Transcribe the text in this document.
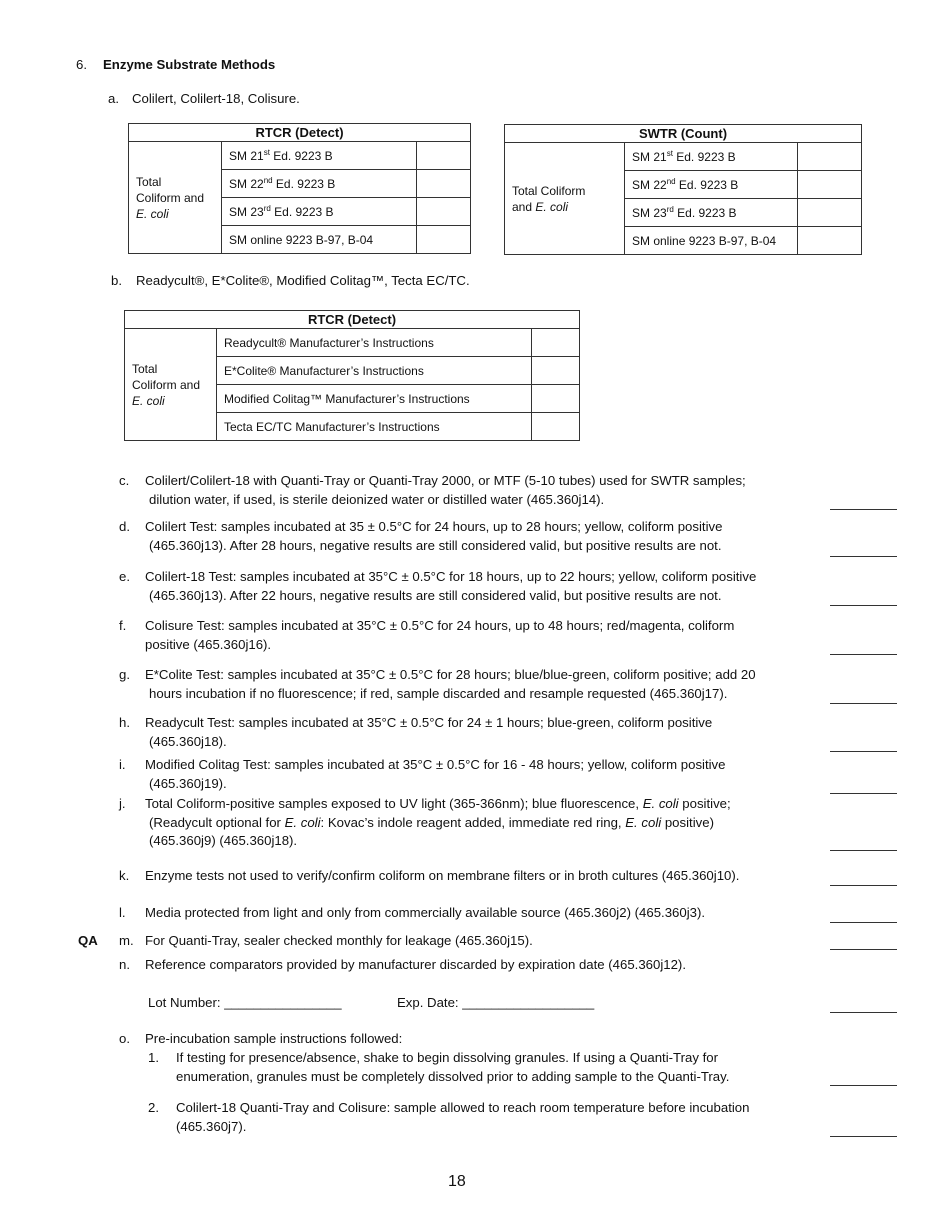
6. Enzyme Substrate Methods
a. Colilert, Colilert-18, Colisure.
RTCR (Detect)		
Total
Coliform and
E. coli	SM 21st Ed. 9223 B	
	SM 22nd Ed. 9223 B	
	SM 23rd Ed. 9223 B	
	SM online 9223 B-97, B-04	
SWTR (Count)		
Total Coliform
and E. coli	SM 21st Ed. 9223 B	
	SM 22nd Ed. 9223 B	
	SM 23rd Ed. 9223 B	
	SM online 9223 B-97, B-04	
b. Readycult®, E*Colite®, Modified Colitag™, Tecta EC/TC.
RTCR (Detect)		
Total
Coliform and
E. coli	Readycult® Manufacturer’s Instructions	
	E*Colite® Manufacturer’s Instructions	
	Modified Colitag™ Manufacturer’s Instructions	
	Tecta EC/TC Manufacturer’s Instructions	
c. Colilert/Colilert-18 with Quanti-Tray or Quanti-Tray 2000, or MTF (5-10 tubes) used for SWTR samples;

dilution water, if used, is sterile deionized water or distilled water (465.360j14).
d. Colilert Test: samples incubated at 35 ± 0.5°C for 24 hours, up to 28 hours; yellow, coliform positive

(465.360j13). After 28 hours, negative results are still considered valid, but positive results are not.
e. Colilert-18 Test: samples incubated at 35°C ± 0.5°C for 18 hours, up to 22 hours; yellow, coliform positive

(465.360j13). After 22 hours, negative results are still considered valid, but positive results are not.
f. Colisure Test: samples incubated at 35°C ± 0.5°C for 24 hours, up to 48 hours; red/magenta, coliform

positive (465.360j16).
g. E*Colite Test: samples incubated at 35°C ± 0.5°C for 28 hours; blue/blue-green, coliform positive; add 20

hours incubation if no fluorescence; if red, sample discarded and resample requested (465.360j17).
h. Readycult Test: samples incubated at 35°C ± 0.5°C for 24 ± 1 hours; blue-green, coliform positive

(465.360j18).
i. Modified Colitag Test: samples incubated at 35°C ± 0.5°C for 16 - 48 hours; yellow, coliform positive

(465.360j19).
j. Total Coliform-positive samples exposed to UV light (365-366nm); blue fluorescence, E. coli positive;

(Readycult optional for E. coli: Kovac’s indole reagent added, immediate red ring, E. coli positive)
(465.360j9) (465.360j18).
k. Enzyme tests not used to verify/confirm coliform on membrane filters or in broth cultures (465.360j10).
l. Media protected from light and only from commercially available source (465.360j2) (465.360j3).
QA m. For Quanti-Tray, sealer checked monthly for leakage (465.360j15).
n. Reference comparators provided by manufacturer discarded by expiration date (465.360j12).
Lot Number: ________________	Exp. Date: __________________
o. Pre-incubation sample instructions followed:
1. If testing for presence/absence, shake to begin dissolving granules. If using a Quanti-Tray for

enumeration, granules must be completely dissolved prior to adding sample to the Quanti-Tray.
2. Colilert-18 Quanti-Tray and Colisure: sample allowed to reach room temperature before incubation

(465.360j7).
18
